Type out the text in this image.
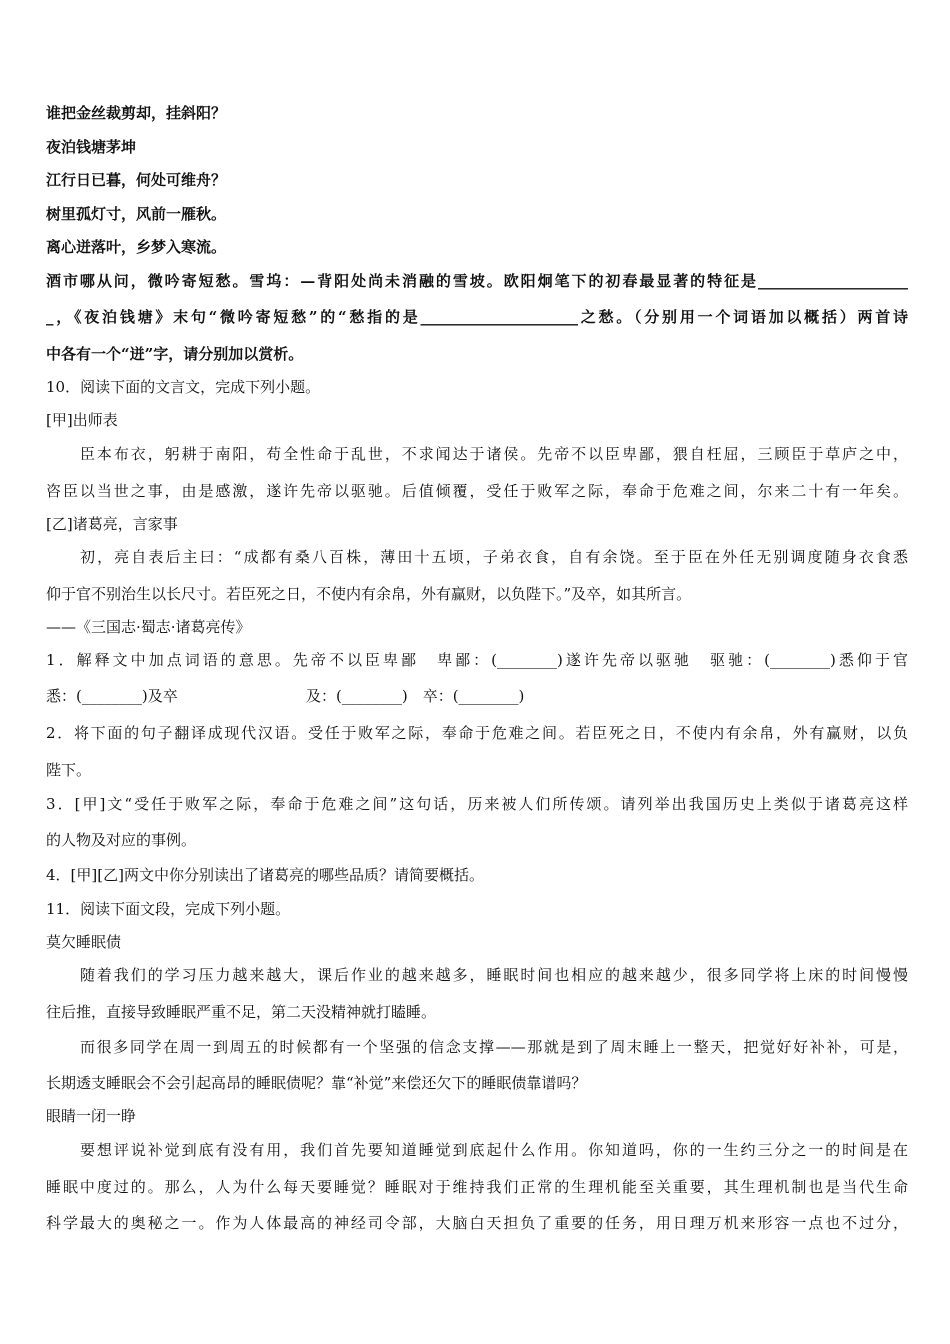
谁把金丝裁剪却，挂斜阳？
夜泊钱塘茅坤
江行日已暮，何处可维舟？
树里孤灯寸，风前一雁秋。
离心迸落叶，乡梦入寒流。
酒市哪从问，微吟寄短愁。雪坞：—背阳处尚未消融的雪坡。欧阳炯笔下的初春最显著的特征是____________________
_，《夜泊钱塘》末句“微吟寄短愁”的“愁指的是_____________________之愁。（分别用一个词语加以概括）两首诗
中各有一个“迸”字，请分别加以赏析。
10．阅读下面的文言文，完成下列小题。
[甲]出师表
臣本布衣，躬耕于南阳，苟全性命于乱世，不求闻达于诸侯。先帝不以臣卑鄙，猥自枉屈，三顾臣于草庐之中，
咨臣以当世之事，由是感激，遂许先帝以驱驰。后值倾覆，受任于败军之际，奉命于危难之间，尔来二十有一年矣。
[乙]诸葛亮，言家事
初，亮自表后主曰：“成都有桑八百株，薄田十五顷，子弟衣食，自有余饶。至于臣在外任无别调度随身衣食悉
仰于官不别治生以长尺寸。若臣死之日，不使内有余帛，外有赢财，以负陛下。”及卒，如其所言。
——《三国志·蜀志·诸葛亮传》
1．解释文中加点词语的意思。先帝不以臣卑鄙　卑鄙：(________)遂许先帝以驱驰　驱驰：(________)悉仰于官
悉：(________)及卒	及：(________)　卒：(________)
2．将下面的句子翻译成现代汉语。受任于败军之际，奉命于危难之间。若臣死之日，不使内有余帛，外有赢财，以负
陛下。
3．[甲]文“受任于败军之际，奉命于危难之间”这句话，历来被人们所传颂。请列举出我国历史上类似于诸葛亮这样
的人物及对应的事例。
4．[甲][乙]两文中你分别读出了诸葛亮的哪些品质？请简要概括。
11．阅读下面文段，完成下列小题。
莫欠睡眠债
随着我们的学习压力越来越大，课后作业的越来越多，睡眠时间也相应的越来越少，很多同学将上床的时间慢慢
往后推，直接导致睡眠严重不足，第二天没精神就打瞌睡。
而很多同学在周一到周五的时候都有一个坚强的信念支撑——那就是到了周末睡上一整天，把觉好好补补，可是，
长期透支睡眠会不会引起高昂的睡眠债呢？靠“补觉”来偿还欠下的睡眠债靠谱吗？
眼睛一闭一睁
要想评说补觉到底有没有用，我们首先要知道睡觉到底起什么作用。你知道吗，你的一生约三分之一的时间是在
睡眠中度过的。那么，人为什么每天要睡觉？睡眠对于维持我们正常的生理机能至关重要，其生理机制也是当代生命
科学最大的奥秘之一。作为人体最高的神经司令部，大脑白天担负了重要的任务，用日理万机来形容一点也不过分，
